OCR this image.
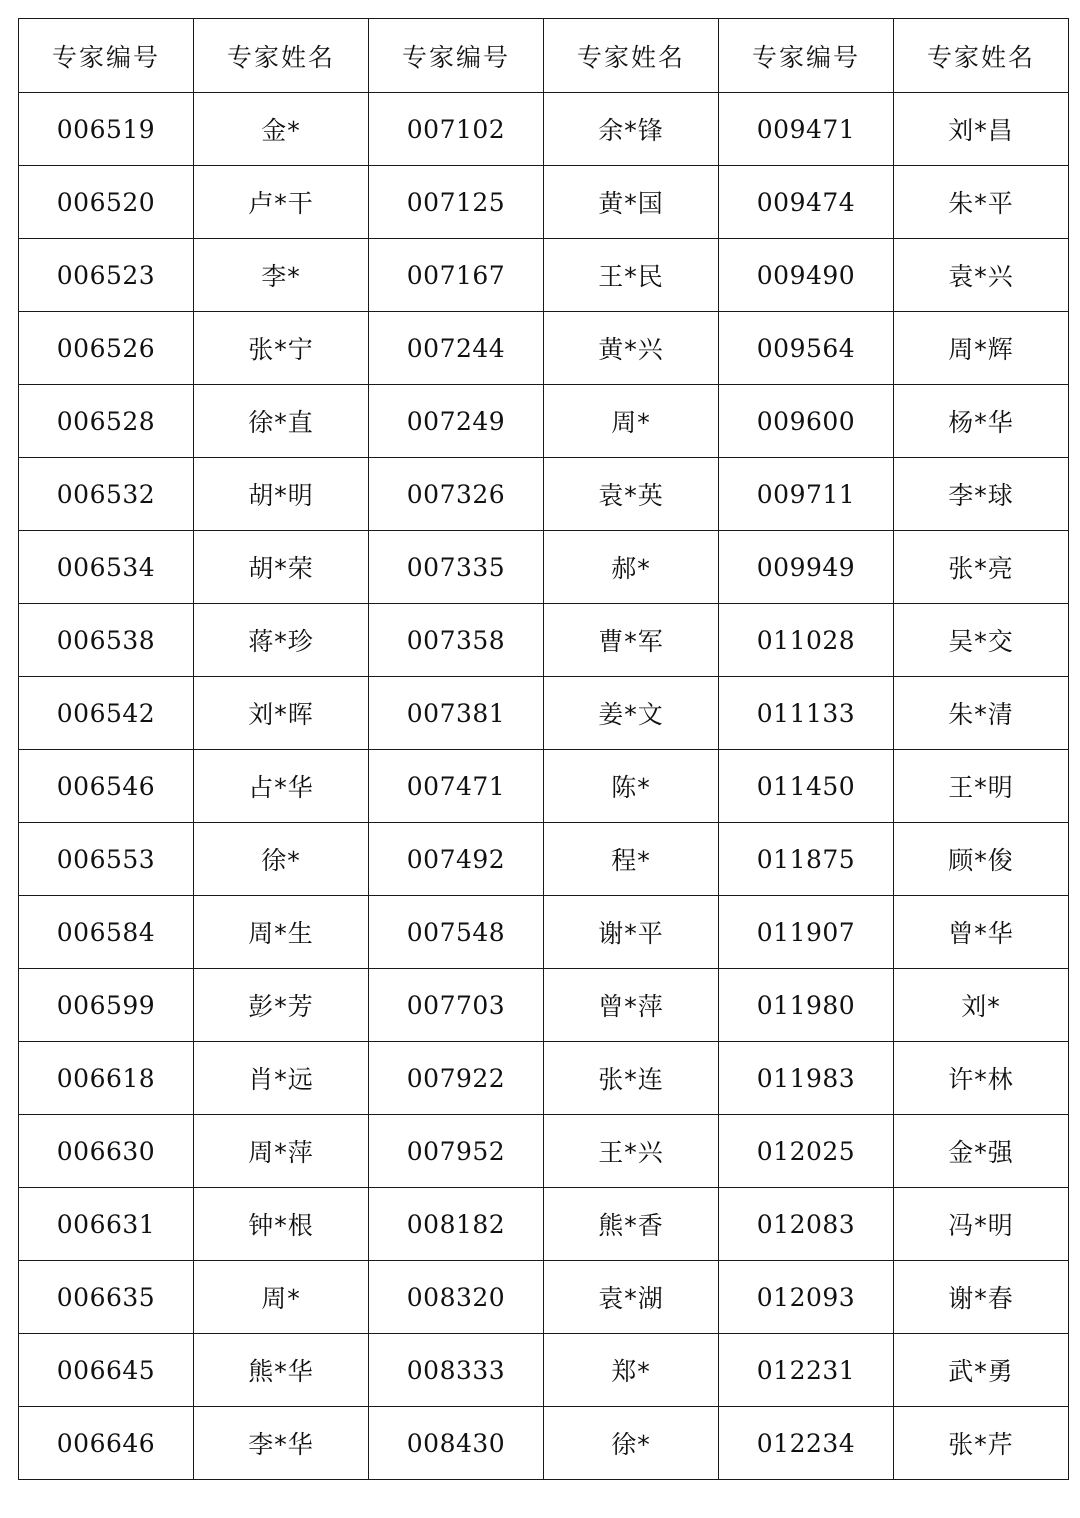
专家编号	专家姓名	专家编号	专家姓名	专家编号	专家姓名
006519	金*	007102	余*锋	009471	刘*昌
006520	卢*干	007125	黄*国	009474	朱*平
006523	李*	007167	王*民	009490	袁*兴
006526	张*宁	007244	黄*兴	009564	周*辉
006528	徐*直	007249	周*	009600	杨*华
006532	胡*明	007326	袁*英	009711	李*球
006534	胡*荣	007335	郝*	009949	张*亮
006538	蒋*珍	007358	曹*军	011028	吴*交
006542	刘*晖	007381	姜*文	011133	朱*清
006546	占*华	007471	陈*	011450	王*明
006553	徐*	007492	程*	011875	顾*俊
006584	周*生	007548	谢*平	011907	曾*华
006599	彭*芳	007703	曾*萍	011980	刘*
006618	肖*远	007922	张*连	011983	许*林
006630	周*萍	007952	王*兴	012025	金*强
006631	钟*根	008182	熊*香	012083	冯*明
006635	周*	008320	袁*湖	012093	谢*春
006645	熊*华	008333	郑*	012231	武*勇
006646	李*华	008430	徐*	012234	张*芹
